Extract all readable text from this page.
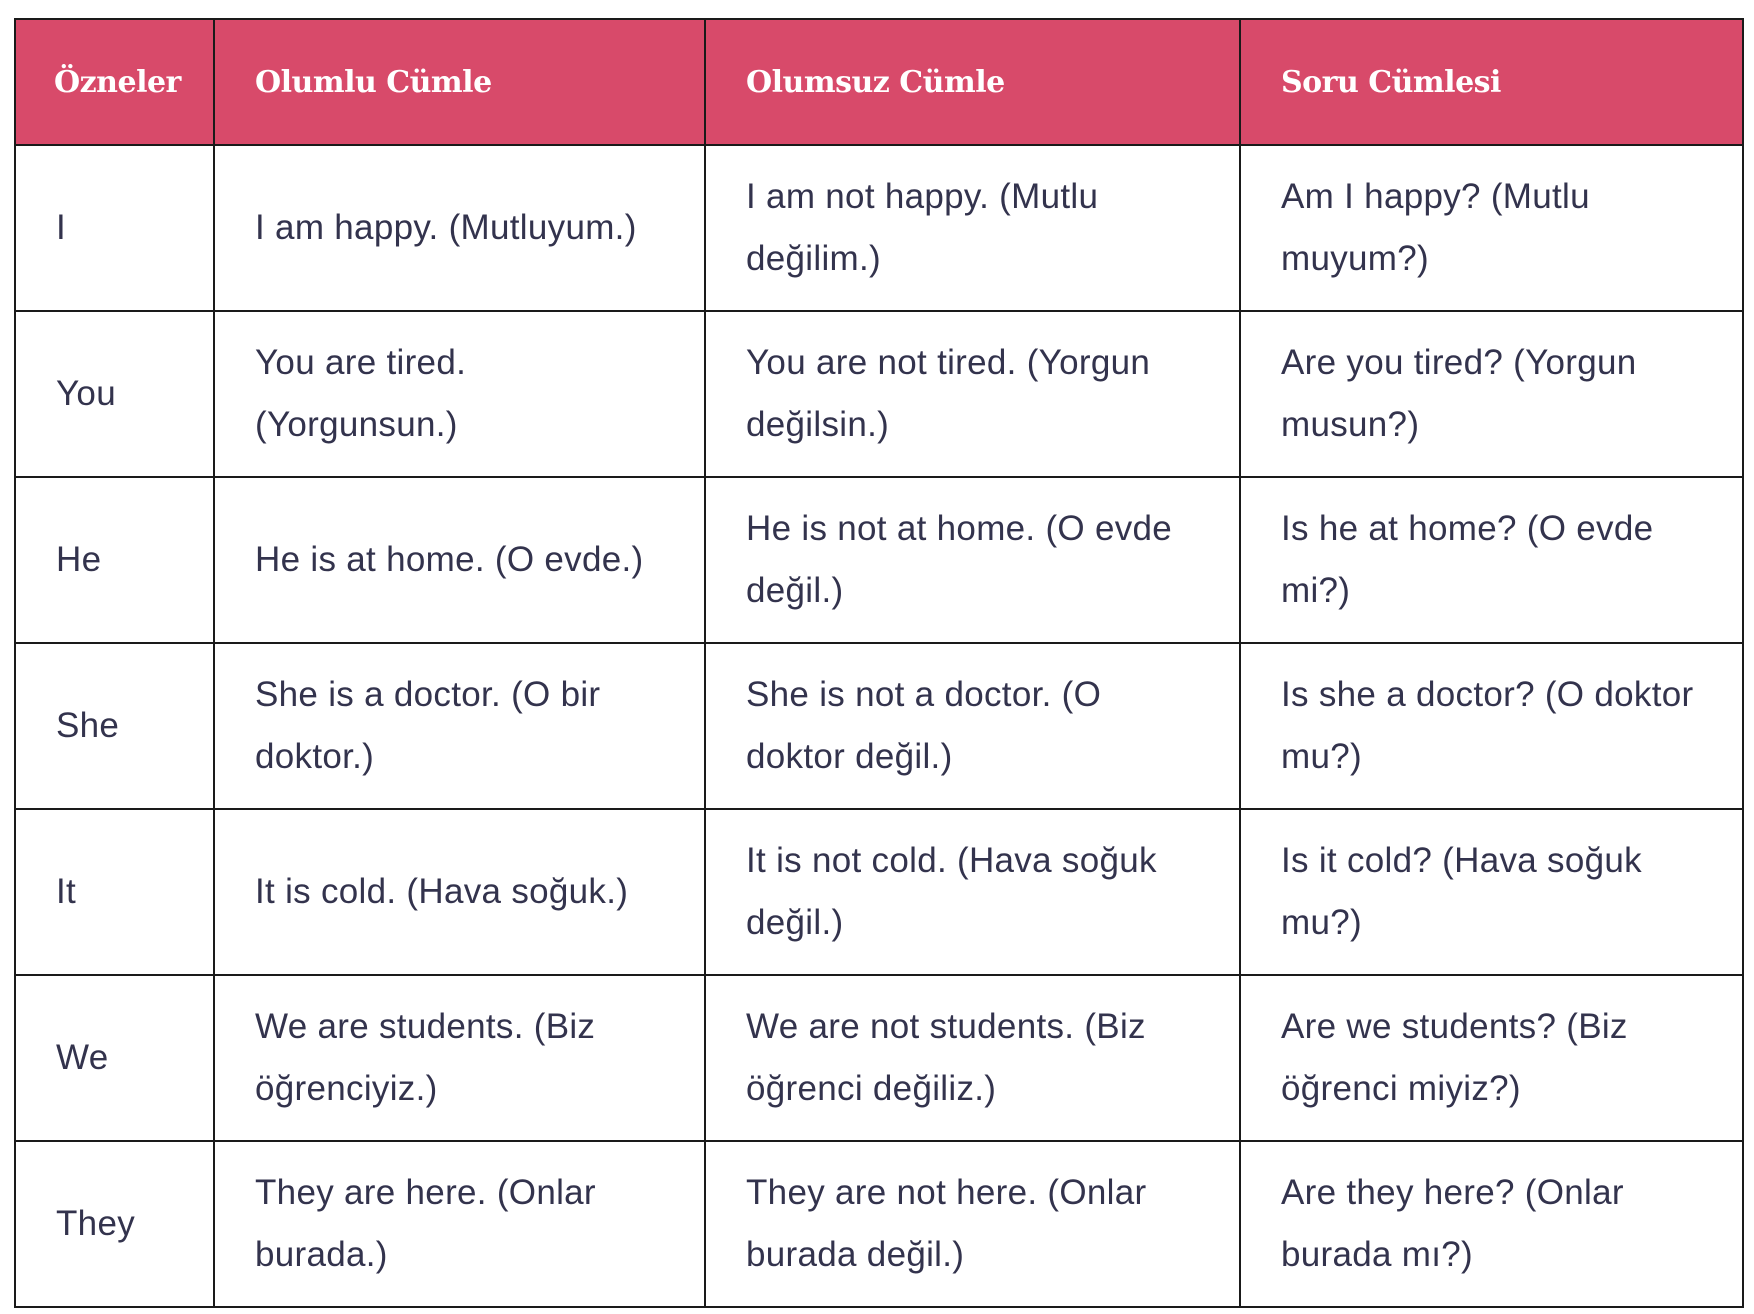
Özneler	Olumlu Cümle	Olumsuz Cümle	Soru Cümlesi
I	I am happy. (Mutluyum.)	I am not happy. (Mutlu değilim.)	Am I happy? (Mutlu muyum?)
You	You are tired. (Yorgunsun.)	You are not tired. (Yorgun değilsin.)	Are you tired? (Yorgun musun?)
He	He is at home. (O evde.)	He is not at home. (O evde değil.)	Is he at home? (O evde mi?)
She	She is a doctor. (O bir doktor.)	She is not a doctor. (O doktor değil.)	Is she a doctor? (O doktor mu?)
It	It is cold. (Hava soğuk.)	It is not cold. (Hava soğuk değil.)	Is it cold? (Hava soğuk mu?)
We	We are students. (Biz öğrenciyiz.)	We are not students. (Biz öğrenci değiliz.)	Are we students? (Biz öğrenci miyiz?)
They	They are here. (Onlar burada.)	They are not here. (Onlar burada değil.)	Are they here? (Onlar burada mı?)
